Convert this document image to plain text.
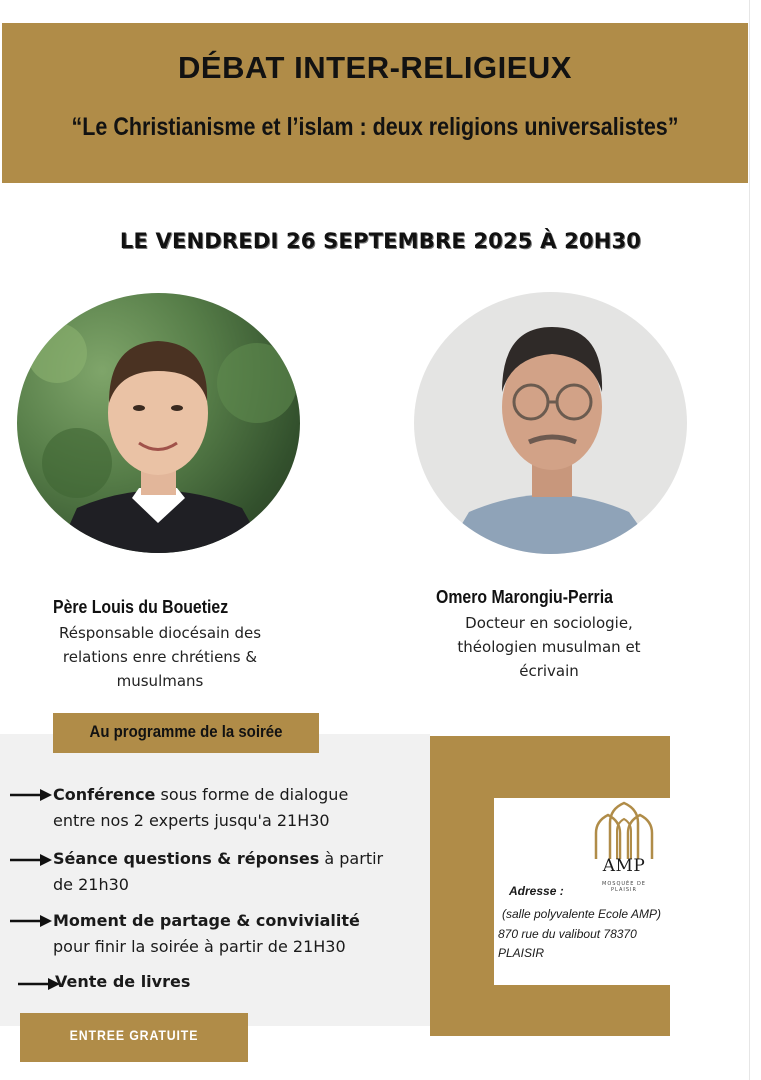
DÉBAT INTER-RELIGIEUX
“Le Christianisme et l’islam : deux religions universalistes”
LE VENDREDI 26 SEPTEMBRE 2025 À 20H30
Père Louis du Bouetiez
Résponsable diocésain des
relations enre chrétiens &
musulmans
Omero Marongiu-Perria
Docteur en sociologie,
théologien musulman et
écrivain
Au programme de la soirée
Conférence sous forme de dialogue
entre nos 2 experts jusqu'a 21H30
Séance questions & réponses à partir
de 21h30
Moment de partage & convivialité
pour finir la soirée à partir de 21H30
Vente de livres
ENTREE GRATUITE
AMP
MOSQUÉE DE
PLAISIR
Adresse :
(salle polyvalente Ecole AMP)
870 rue du valibout 78370
PLAISIR
